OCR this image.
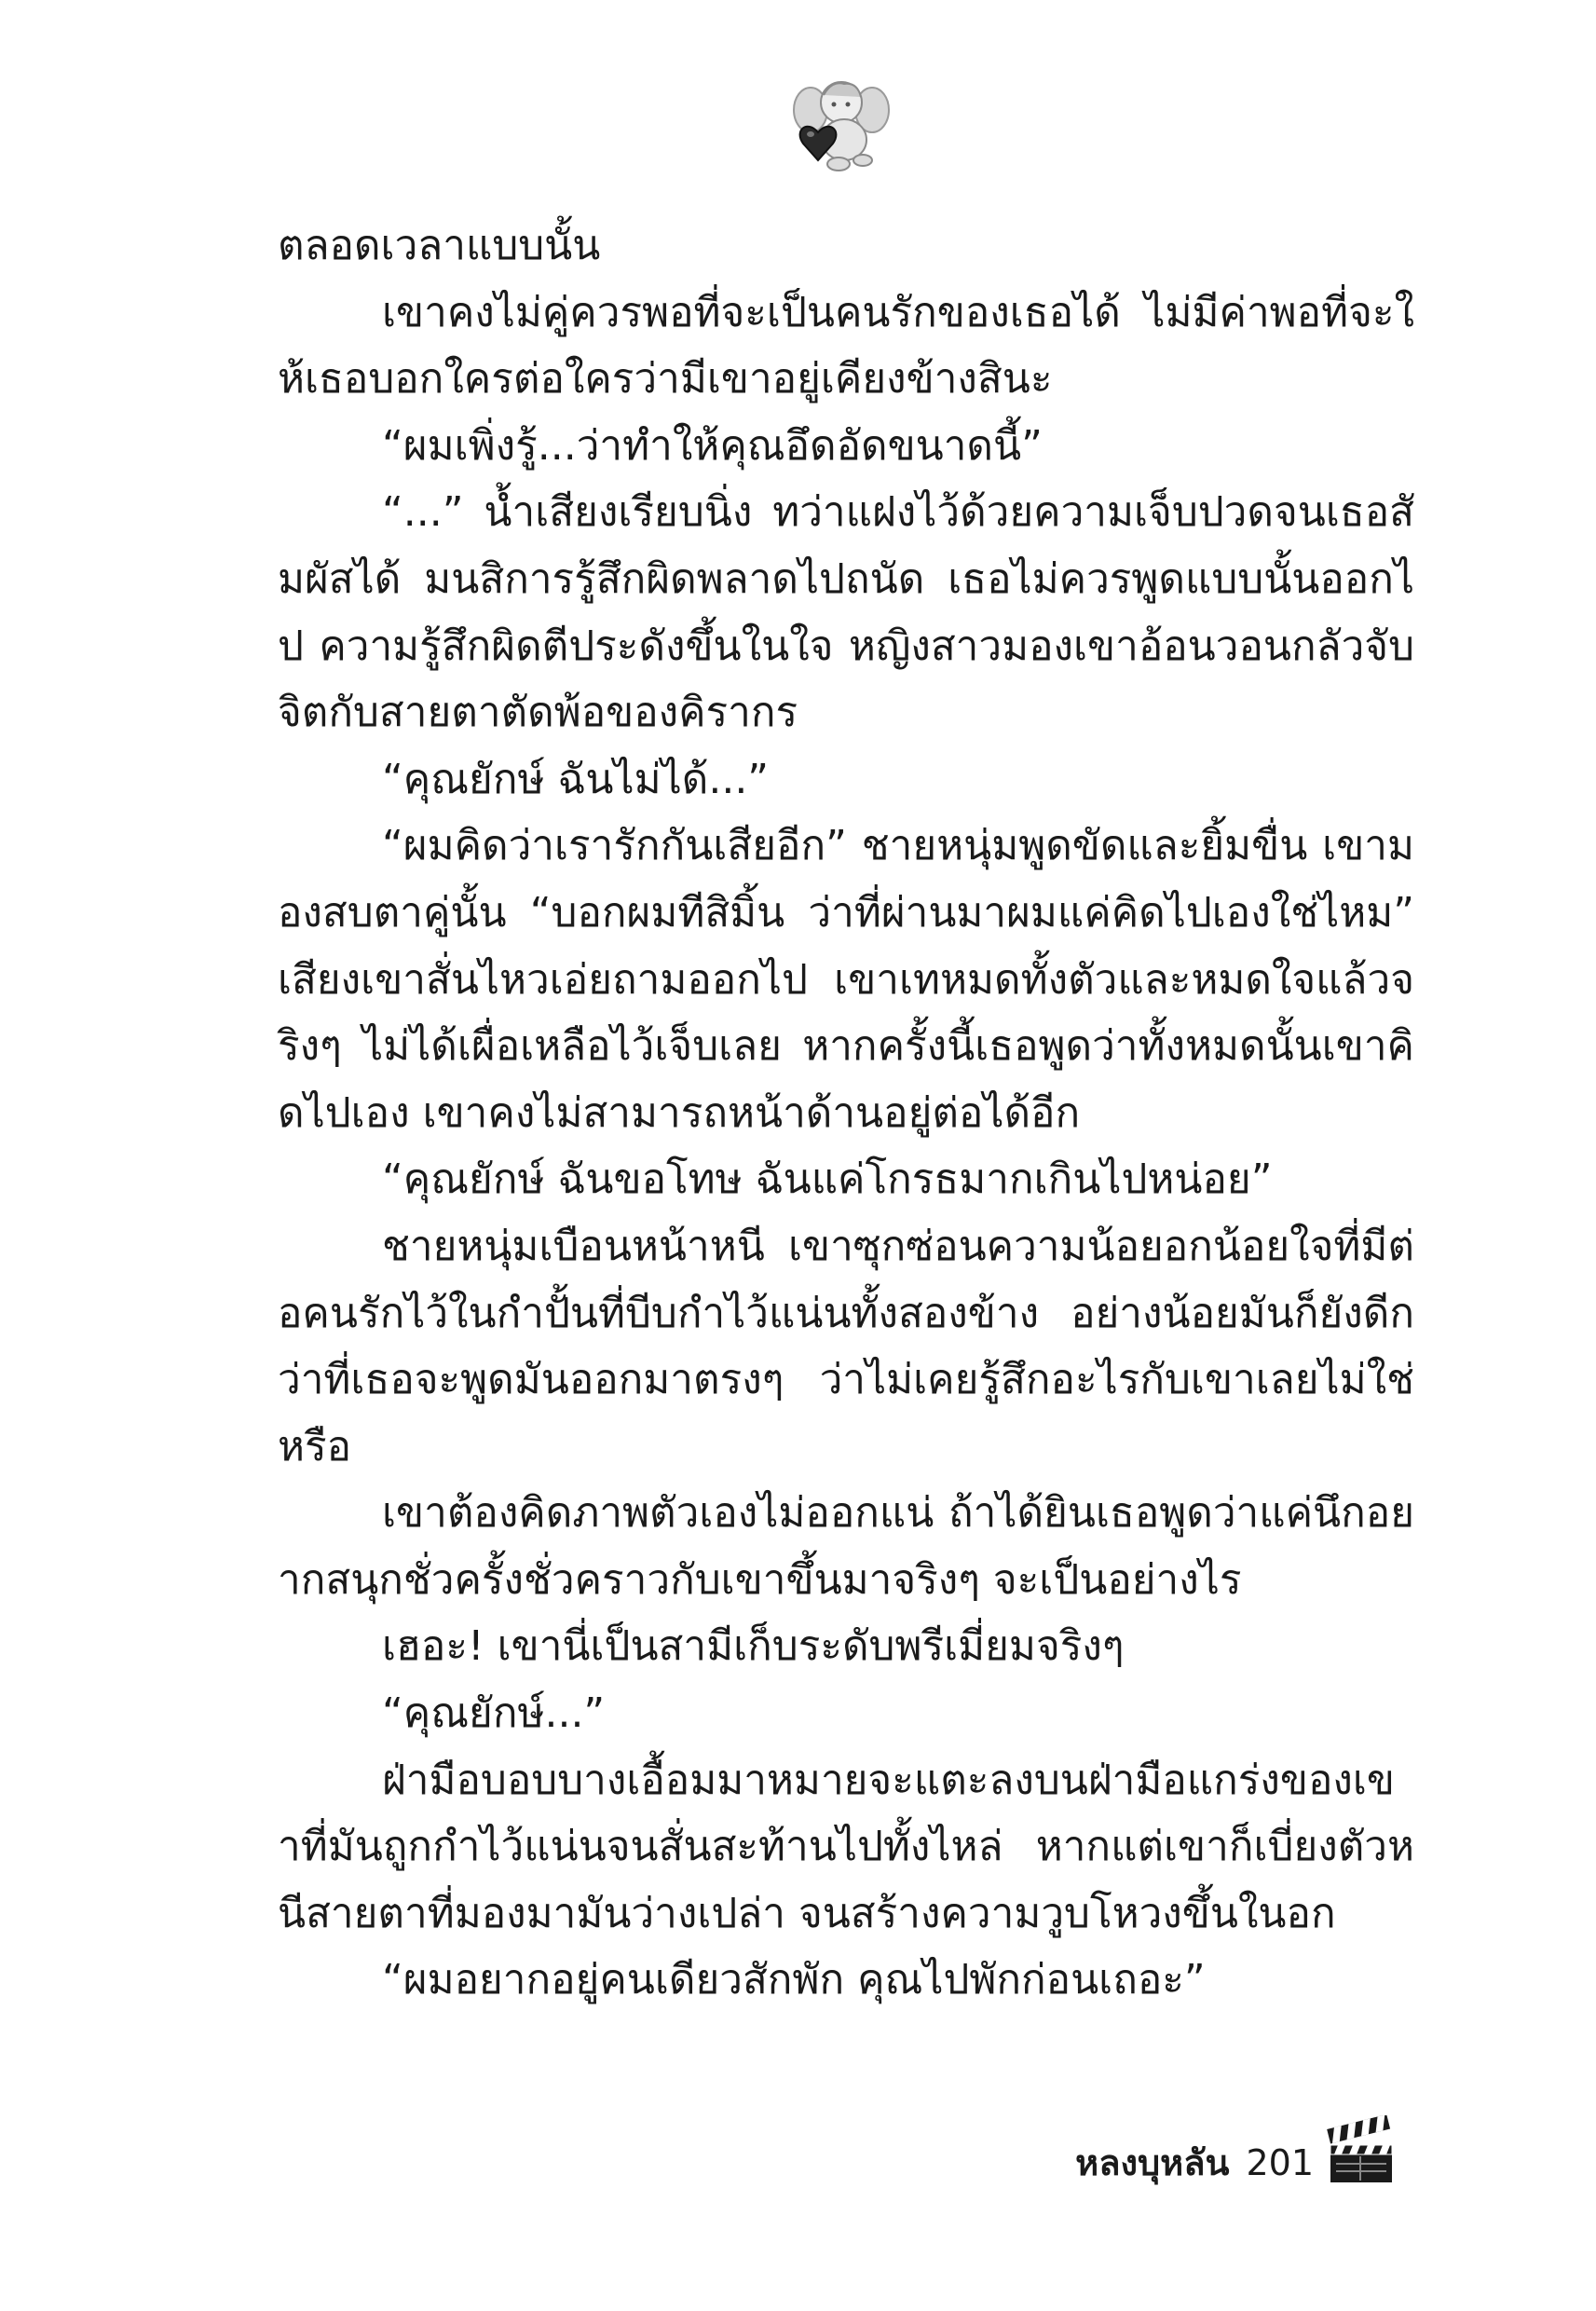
ตลอดเวลาแบบนั้น

เขาคงไม่คู่ควรพอที่จะเป็นคนรักของเธอได้ ไม่มีค่าพอที่จะให้เธอบอกใครต่อใครว่ามีเขาอยู่เคียงข้างสินะ

“ผมเพิ่งรู้...ว่าทำให้คุณอึดอัดขนาดนี้”

“...” น้ำเสียงเรียบนิ่ง ทว่าแฝงไว้ด้วยความเจ็บปวดจนเธอสัมผัสได้ มนสิการรู้สึกผิดพลาดไปถนัด เธอไม่ควรพูดแบบนั้นออกไป ความรู้สึกผิดตีประดังขึ้นในใจ หญิงสาวมองเขาอ้อนวอนกลัวจับจิตกับสายตาตัดพ้อของคิรากร

“คุณยักษ์ ฉันไม่ได้...”

“ผมคิดว่าเรารักกันเสียอีก” ชายหนุ่มพูดขัดและยิ้มขื่น เขามองสบตาคู่นั้น “บอกผมทีสิมิ้น ว่าที่ผ่านมาผมแค่คิดไปเองใช่ไหม” เสียงเขาสั่นไหวเอ่ยถามออกไป เขาเทหมดทั้งตัวและหมดใจแล้วจริงๆ ไม่ได้เผื่อเหลือไว้เจ็บเลย หากครั้งนี้เธอพูดว่าทั้งหมดนั้นเขาคิดไปเอง เขาคงไม่สามารถหน้าด้านอยู่ต่อได้อีก

“คุณยักษ์ ฉันขอโทษ ฉันแค่โกรธมากเกินไปหน่อย”

ชายหนุ่มเบือนหน้าหนี เขาซุกซ่อนความน้อยอกน้อยใจที่มีต่อคนรักไว้ในกำปั้นที่บีบกำไว้แน่นทั้งสองข้าง อย่างน้อยมันก็ยังดีกว่าที่เธอจะพูดมันออกมาตรงๆ ว่าไม่เคยรู้สึกอะไรกับเขาเลยไม่ใช่หรือ

เขาต้องคิดภาพตัวเองไม่ออกแน่ ถ้าได้ยินเธอพูดว่าแค่นึกอยากสนุกชั่วครั้งชั่วคราวกับเขาขึ้นมาจริงๆ จะเป็นอย่างไร

เฮอะ! เขานี่เป็นสามีเก็บระดับพรีเมี่ยมจริงๆ

“คุณยักษ์...”

ฝ่ามือบอบบางเอื้อมมาหมายจะแตะลงบนฝ่ามือแกร่งของเขาที่มันถูกกำไว้แน่นจนสั่นสะท้านไปทั้งไหล่ หากแต่เขาก็เบี่ยงตัวหนีสายตาที่มองมามันว่างเปล่า จนสร้างความวูบโหวงขึ้นในอก

“ผมอยากอยู่คนเดียวสักพัก คุณไปพักก่อนเถอะ”

หลงบุหลัน 201
